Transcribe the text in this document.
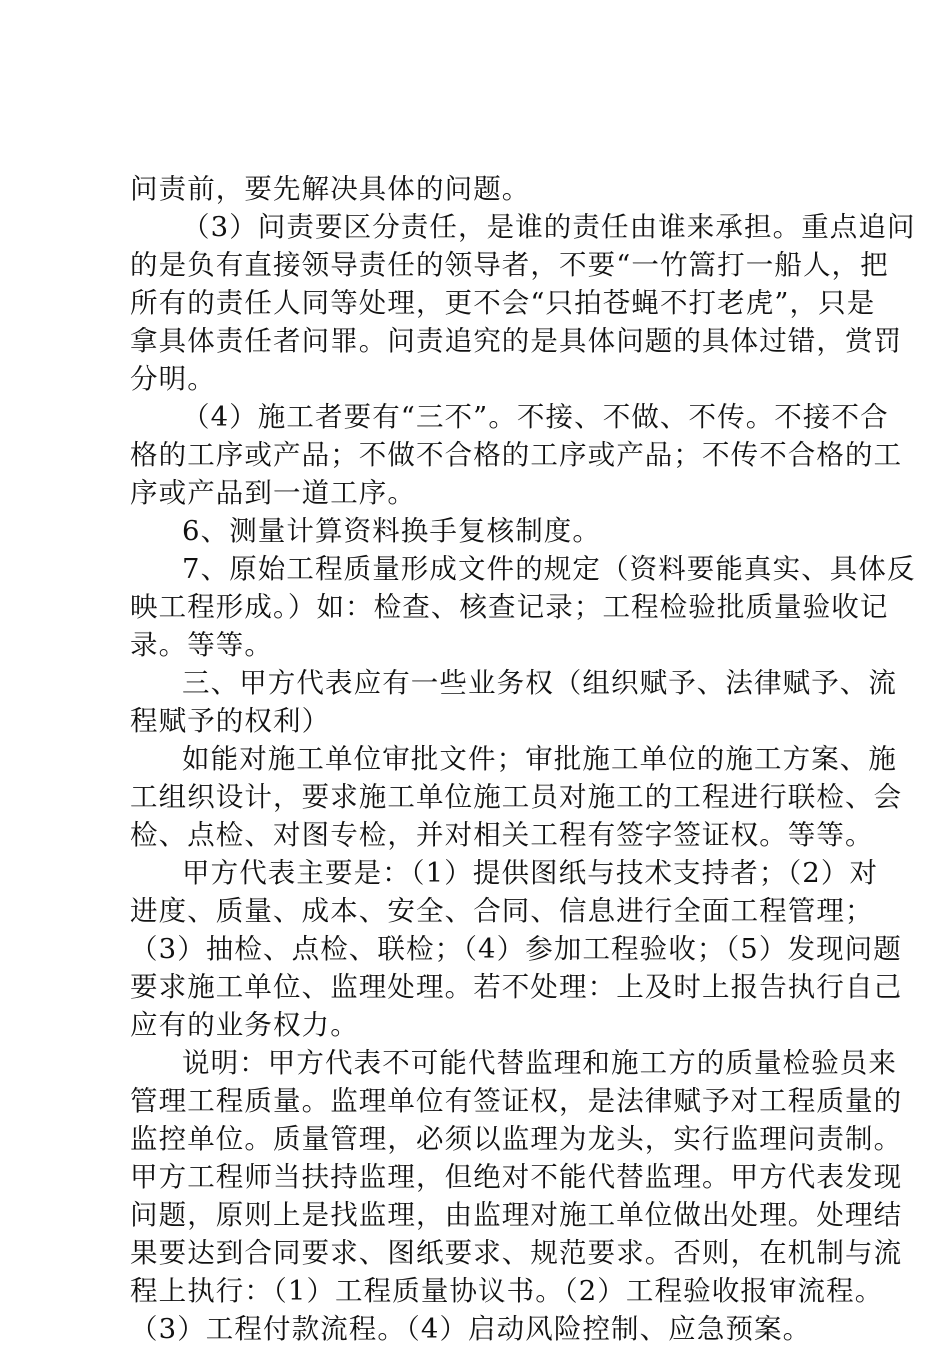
问责前，要先解决具体的问题。
（3）问责要区分责任，是谁的责任由谁来承担。重点追问
的是负有直接领导责任的领导者，不要“一竹篙打一船人，把
所有的责任人同等处理，更不会“只拍苍蝇不打老虎”，只是
拿具体责任者问罪。问责追究的是具体问题的具体过错，赏罚
分明。
（4）施工者要有“三不”。不接、不做、不传。不接不合
格的工序或产品；不做不合格的工序或产品；不传不合格的工
序或产品到一道工序。
6、测量计算资料换手复核制度。
7、原始工程质量形成文件的规定（资料要能真实、具体反
映工程形成。）如：检查、核查记录；工程检验批质量验收记
录。等等。
三、甲方代表应有一些业务权（组织赋予、法律赋予、流
程赋予的权利）
如能对施工单位审批文件；审批施工单位的施工方案、施
工组织设计，要求施工单位施工员对施工的工程进行联检、会
检、点检、对图专检，并对相关工程有签字签证权。等等。
甲方代表主要是：（1）提供图纸与技术支持者；（2）对
进度、质量、成本、安全、合同、信息进行全面工程管理；
（3）抽检、点检、联检；（4）参加工程验收；（5）发现问题
要求施工单位、监理处理。若不处理：上及时上报告执行自己
应有的业务权力。
说明：甲方代表不可能代替监理和施工方的质量检验员来
管理工程质量。监理单位有签证权，是法律赋予对工程质量的
监控单位。质量管理，必须以监理为龙头，实行监理问责制。
甲方工程师当扶持监理，但绝对不能代替监理。甲方代表发现
问题，原则上是找监理，由监理对施工单位做出处理。处理结
果要达到合同要求、图纸要求、规范要求。否则，在机制与流
程上执行：（1）工程质量协议书。（2）工程验收报审流程。
（3）工程付款流程。（4）启动风险控制、应急预案。
